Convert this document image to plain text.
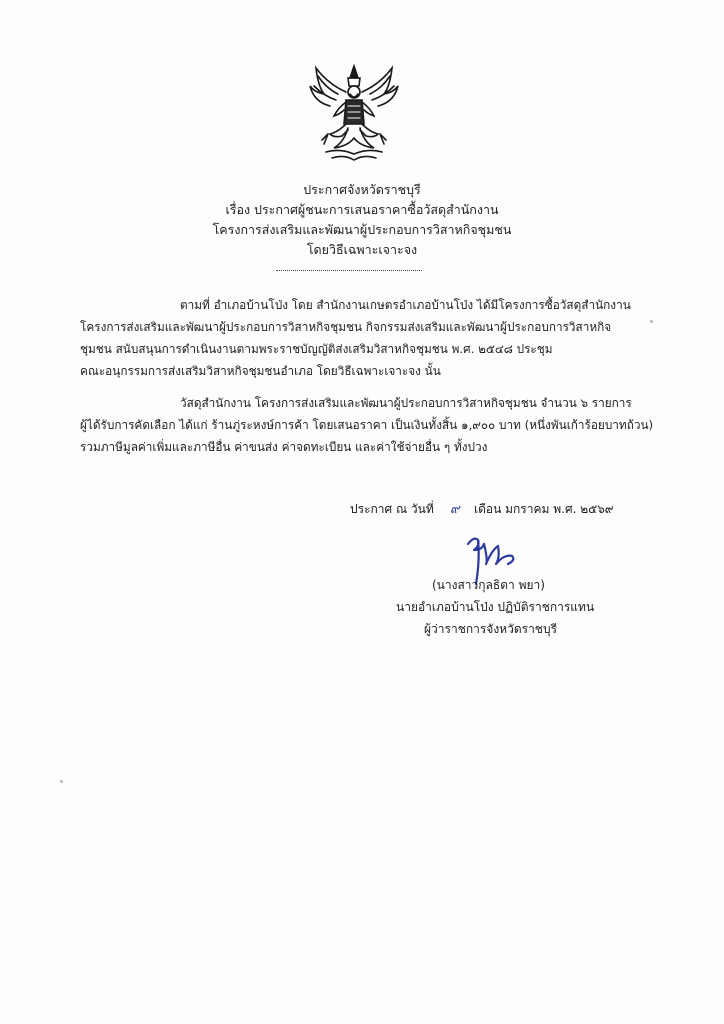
ประกาศจังหวัดราชบุรี
เรื่อง ประกาศผู้ชนะการเสนอราคาซื้อวัสดุสำนักงาน
โครงการส่งเสริมและพัฒนาผู้ประกอบการวิสาหกิจชุมชน
โดยวิธีเฉพาะเจาะจง
ตามที่ อำเภอบ้านโป่ง โดย สำนักงานเกษตรอำเภอบ้านโป่ง ได้มีโครงการซื้อวัสดุสำนักงาน
โครงการส่งเสริมและพัฒนาผู้ประกอบการวิสาหกิจชุมชน กิจกรรมส่งเสริมและพัฒนาผู้ประกอบการวิสาหกิจ
ชุมชน สนับสนุนการดำเนินงานตามพระราชบัญญัติส่งเสริมวิสาหกิจชุมชน พ.ศ. ๒๕๔๘ ประชุม
คณะอนุกรรมการส่งเสริมวิสาหกิจชุมชนอำเภอ โดยวิธีเฉพาะเจาะจง นั้น
วัสดุสำนักงาน โครงการส่งเสริมและพัฒนาผู้ประกอบการวิสาหกิจชุมชน จำนวน ๖ รายการ
ผู้ได้รับการคัดเลือก ได้แก่ ร้านภู่ระหงษ์การค้า โดยเสนอราคา เป็นเงินทั้งสิ้น ๑,๙๐๐ บาท (หนึ่งพันเก้าร้อยบาทถ้วน)
รวมภาษีมูลค่าเพิ่มและภาษีอื่น ค่าขนส่ง ค่าจดทะเบียน และค่าใช้จ่ายอื่น ๆ ทั้งปวง
ประกาศ ณ วันที่ ๙ เดือน มกราคม พ.ศ. ๒๕๖๙
(นางสาวกุลธิดา พยา)
นายอำเภอบ้านโป่ง ปฏิบัติราชการแทน
ผู้ว่าราชการจังหวัดราชบุรี
